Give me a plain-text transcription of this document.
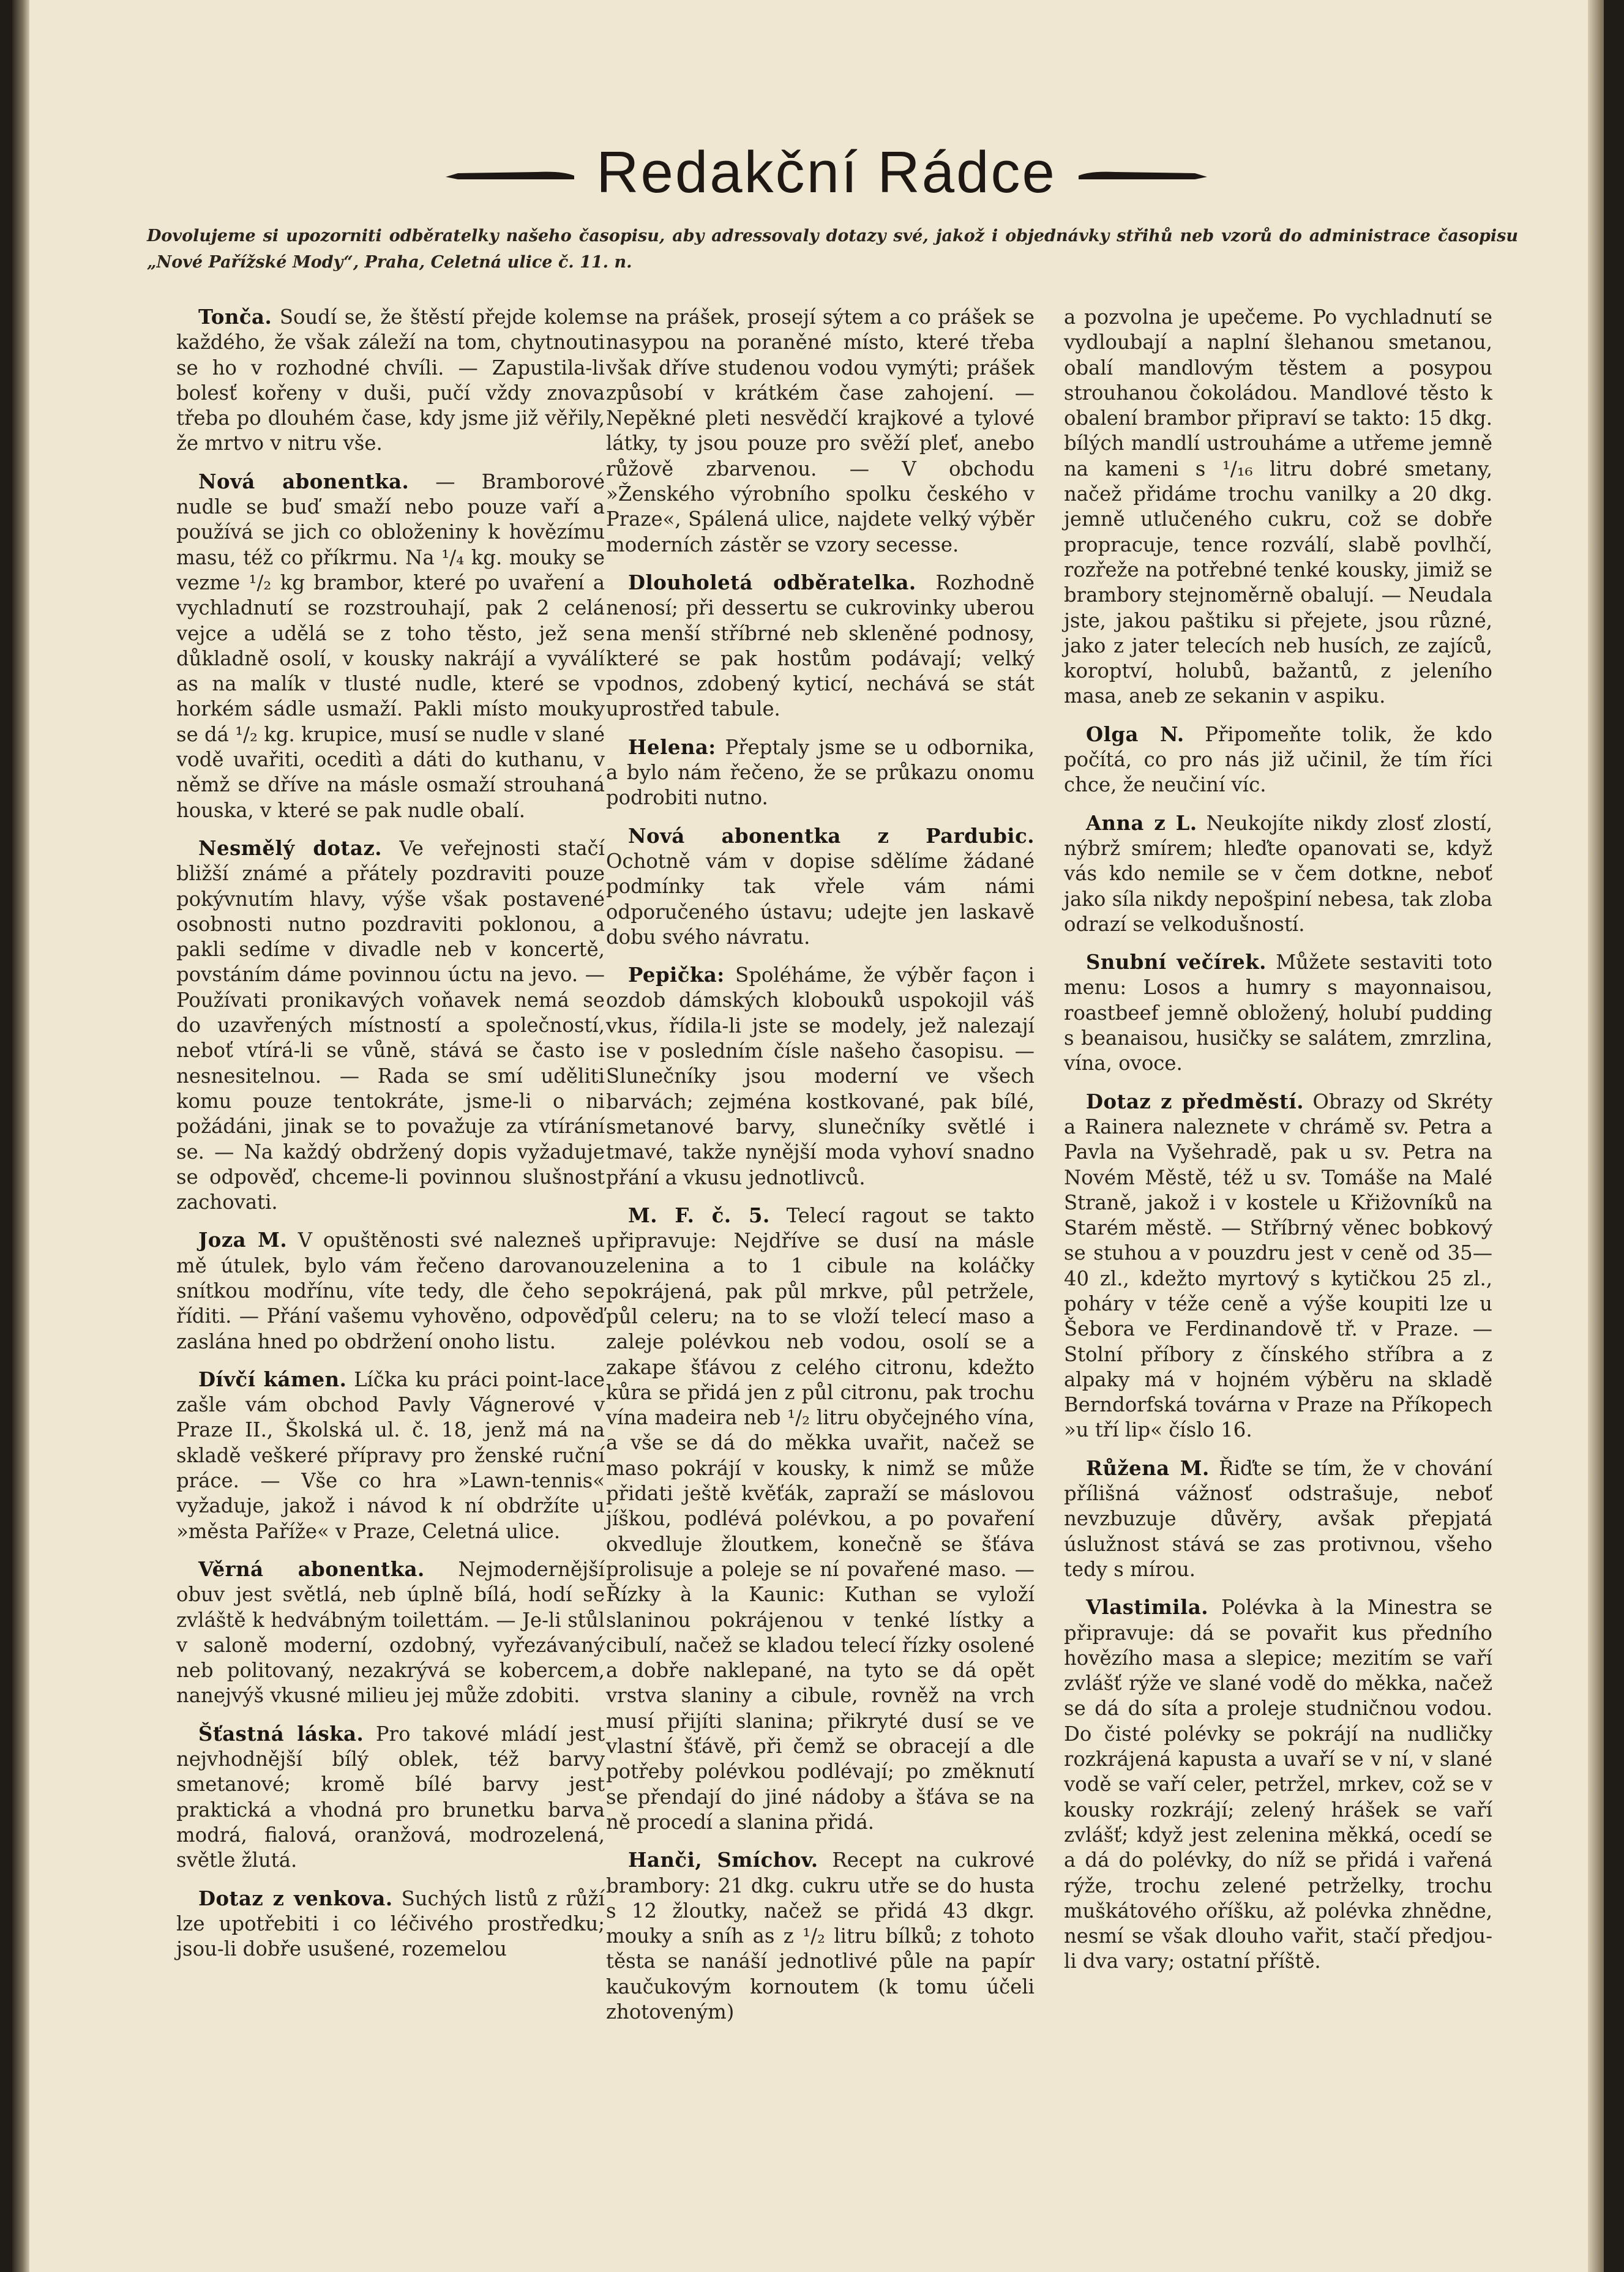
Redakční Rádce
Dovolujeme si upozorniti odběratelky našeho časopisu, aby adressovaly dotazy své, jakož i objednávky střihů neb vzorů do administrace časopisu „Nové Pařížské Mody“, Praha, Celetná ulice č. 11. n.

Tonča. Soudí se, že štěstí přejde kolem každého, že však záleží na tom, chytnouti se ho v rozhodné chvíli. — Zapustila-li bolesť kořeny v duši, pučí vždy znova třeba po dlouhém čase, kdy jsme již věřily, že mrtvo v nitru vše.

Nová abonentka. — Bramborové nudle se buď smaží nebo pouze vaří a používá se jich co obloženiny k hovězímu masu, též co příkrmu. Na ¹/₄ kg. mouky se vezme ¹/₂ kg brambor, které po uvaření a vychladnutí se rozstrouhají, pak 2 celá vejce a udělá se z toho těsto, jež se důkladně osolí, v kousky nakrájí a vyválí as na malík v tlusté nudle, které se v horkém sádle usmaží. Pakli místo mouky se dá ¹/₂ kg. krupice, musí se nudle v slané vodě uvařiti, oceditì a dáti do kuthanu, v němž se dříve na másle osmaží strouhaná houska, v které se pak nudle obalí.

Nesmělý dotaz. Ve veřejnosti stačí bližší známé a přátely pozdraviti pouze pokývnutím hlavy, výše však postavené osobnosti nutno pozdraviti poklonou, a pakli sedíme v divadle neb v koncertě, povstáním dáme povinnou úctu na jevo. — Používati pronikavých voňavek nemá se do uzavřených místností a společností, neboť vtírá-li se vůně, stává se často i nesnesitelnou. — Rada se smí uděliti komu pouze tentokráte, jsme-li o ni požádáni, jinak se to považuje za vtírání se. — Na každý obdržený dopis vyžaduje se odpověď, chceme-li povinnou slušnost zachovati.

Joza M. V opuštěnosti své nalezneš u mě útulek, bylo vám řečeno darovanou snítkou modřínu, víte tedy, dle čeho se říditi. — Přání vašemu vyhověno, odpověď zaslána hned po obdržení onoho listu.

Dívčí kámen. Líčka ku práci point-lace zašle vám obchod Pavly Vágnerové v Praze II., Školská ul. č. 18, jenž má na skladě veškeré přípravy pro ženské ruční práce. — Vše co hra »Lawn-tennis« vyžaduje, jakož i návod k ní obdržíte u »města Paříže« v Praze, Celetná ulice.

Věrná abonentka. Nejmodernější obuv jest světlá, neb úplně bílá, hodí se zvláště k hedvábným toilettám. — Je-li stůl v saloně moderní, ozdobný, vyřezávaný neb politovaný, nezakrývá se kobercem, nanejvýš vkusné milieu jej může zdobiti.

Šťastná láska. Pro takové mládí jest nejvhodnější bílý oblek, též barvy smetanové; kromě bílé barvy jest praktická a vhodná pro brunetku barva modrá, fialová, oranžová, modrozelená, světle žlutá.

Dotaz z venkova. Suchých listů z růží lze upotřebiti i co léčivého prostředku; jsou-li dobře usušené, rozemelou

se na prášek, prosejí sýtem a co prášek se nasypou na poraněné místo, které třeba však dříve studenou vodou vymýti; prášek způsobí v krátkém čase zahojení. — Nepěkné pleti nesvědčí krajkové a tylové látky, ty jsou pouze pro svěží pleť, anebo růžově zbarvenou. — V obchodu »Ženského výrobního spolku českého v Praze«, Spálená ulice, najdete velký výběr moderních zástěr se vzory secesse.

Dlouholetá odběratelka. Rozhodně nenosí; při dessertu se cukrovinky uberou na menší stříbrné neb skleněné podnosy, které se pak hostům podávají; velký podnos, zdobený kyticí, nechává se stát uprostřed tabule.

Helena: Přeptaly jsme se u odbornika, a bylo nám řečeno, že se průkazu onomu podrobiti nutno.

Nová abonentka z Pardubic. Ochotně vám v dopise sdělíme žádané podmínky tak vřele vám námi odporučeného ústavu; udejte jen laskavě dobu svého návratu.

Pepička: Spoléháme, že výběr façon i ozdob dámských klobouků uspokojil váš vkus, řídila-li jste se modely, jež nalezají se v posledním čísle našeho časopisu. — Slunečníky jsou moderní ve všech barvách; zejména kostkované, pak bílé, smetanové barvy, slunečníky světlé i tmavé, takže nynější moda vyhoví snadno přání a vkusu jednotlivců.

M. F. č. 5. Telecí ragout se takto připravuje: Nejdříve se dusí na másle zelenina a to 1 cibule na koláčky pokrájená, pak půl mrkve, půl petržele, půl celeru; na to se vloží telecí maso a zaleje polévkou neb vodou, osolí se a zakape šťávou z celého citronu, kdežto kůra se přidá jen z půl citronu, pak trochu vína madeira neb ¹/₂ litru obyčejného vína, a vše se dá do měkka uvařit, načež se maso pokrájí v kousky, k nimž se může přidati ještě kvěťák, zapraží se máslovou jíškou, podlévá polévkou, a po povaření okvedluje žloutkem, konečně se šťáva prolisuje a poleje se ní povařené maso. — Řízky à la Kaunic: Kuthan se vyloží slaninou pokrájenou v tenké lístky a cibulí, načež se kladou telecí řízky osolené a dobře naklepané, na tyto se dá opět vrstva slaniny a cibule, rovněž na vrch musí přijíti slanina; přikryté dusí se ve vlastní šťávě, při čemž se obracejí a dle potřeby polévkou podlévají; po změknutí se přendají do jiné nádoby a šťáva se na ně procedí a slanina přidá.

Hanči, Smíchov. Recept na cukrové brambory: 21 dkg. cukru utře se do husta s 12 žloutky, načež se přidá 43 dkgr. mouky a sníh as z ¹/₂ litru bílků; z tohoto těsta se nanáší jednotlivé půle na papír kaučukovým kornoutem (k tomu účeli zhotoveným)

a pozvolna je upečeme. Po vychladnutí se vydloubají a naplní šlehanou smetanou, obalí mandlovým těstem a posypou strouhanou čokoládou. Mandlové těsto k obalení brambor připraví se takto: 15 dkg. bílých mandlí ustrouháme a utřeme jemně na kameni s ¹/₁₆ litru dobré smetany, načež přidáme trochu vanilky a 20 dkg. jemně utlučeného cukru, což se dobře propracuje, tence rozválí, slabě povlhčí, rozřeže na potřebné tenké kousky, jimiž se brambory stejnoměrně obalují. — Neudala jste, jakou paštiku si přejete, jsou různé, jako z jater telecích neb husích, ze zajíců, koroptví, holubů, bažantů, z jeleního masa, aneb ze sekanin v aspiku.

Olga N. Připomeňte tolik, že kdo počítá, co pro nás již učinil, že tím říci chce, že neučiní víc.

Anna z L. Neukojíte nikdy zlosť zlostí, nýbrž smírem; hleďte opanovati se, když vás kdo nemile se v čem dotkne, neboť jako síla nikdy nepošpiní nebesa, tak zloba odrazí se velkodušností.

Snubní večírek. Můžete sestaviti toto menu: Losos a humry s mayonnaisou, roastbeef jemně obložený, holubí pudding s beanaisou, husičky se salátem, zmrzlina, vína, ovoce.

Dotaz z předměstí. Obrazy od Skréty a Rainera naleznete v chrámě sv. Petra a Pavla na Vyšehradě, pak u sv. Petra na Novém Městě, též u sv. Tomáše na Malé Straně, jakož i v kostele u Křižovníků na Starém městě. — Stříbrný věnec bobkový se stuhou a v pouzdru jest v ceně od 35—40 zl., kdežto myrtový s kytičkou 25 zl., poháry v téže ceně a výše koupiti lze u Šebora ve Ferdinandově tř. v Praze. — Stolní příbory z čínského stříbra a z alpaky má v hojném výběru na skladě Berndorfská továrna v Praze na Příkopech »u tří lip« číslo 16.

Růžena M. Řiďte se tím, že v chování přílišná vážnosť odstrašuje, neboť nevzbuzuje důvěry, avšak přepjatá úslužnost stává se zas protivnou, všeho tedy s mírou.

Vlastimila. Polévka à la Minestra se připravuje: dá se povařit kus předního hovězího masa a slepice; mezitím se vaří zvlášť rýže ve slané vodě do měkka, načež se dá do síta a proleje studničnou vodou. Do čisté polévky se pokrájí na nudličky rozkrájená kapusta a uvaří se v ní, v slané vodě se vaří celer, petržel, mrkev, což se v kousky rozkrájí; zelený hrášek se vaří zvlášť; když jest zelenina měkká, ocedí se a dá do polévky, do níž se přidá i vařená rýže, trochu zelené petrželky, trochu muškátového oříšku, až polévka zhnědne, nesmí se však dlouho vařit, stačí předjou-li dva vary; ostatní příště.
